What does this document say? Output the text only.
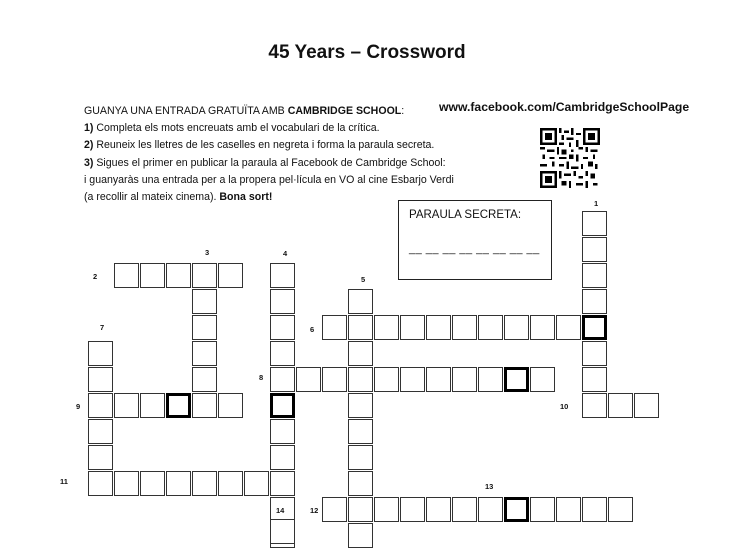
45 Years – Crossword
GUANYA UNA ENTRADA GRATUÏTA AMB CAMBRIDGE SCHOOL:
1) Completa els mots encreuats amb el vocabulari de la crítica.
2) Reuneix les lletres de les caselles en negreta i forma la paraula secreta.
3) Sigues el primer en publicar la paraula al Facebook de Cambridge School:
i guanyaràs una entrada per a la propera pel·lícula en VO al cine Esbarjo Verdi
(a recollir al mateix cinema). Bona sort!
www.facebook.com/CambridgeSchoolPage
PARAULA SECRETA:
__ __ __ __ __ __ __ __
1
2
3	4
5
6
7
8
9	10
11
12
13
14
